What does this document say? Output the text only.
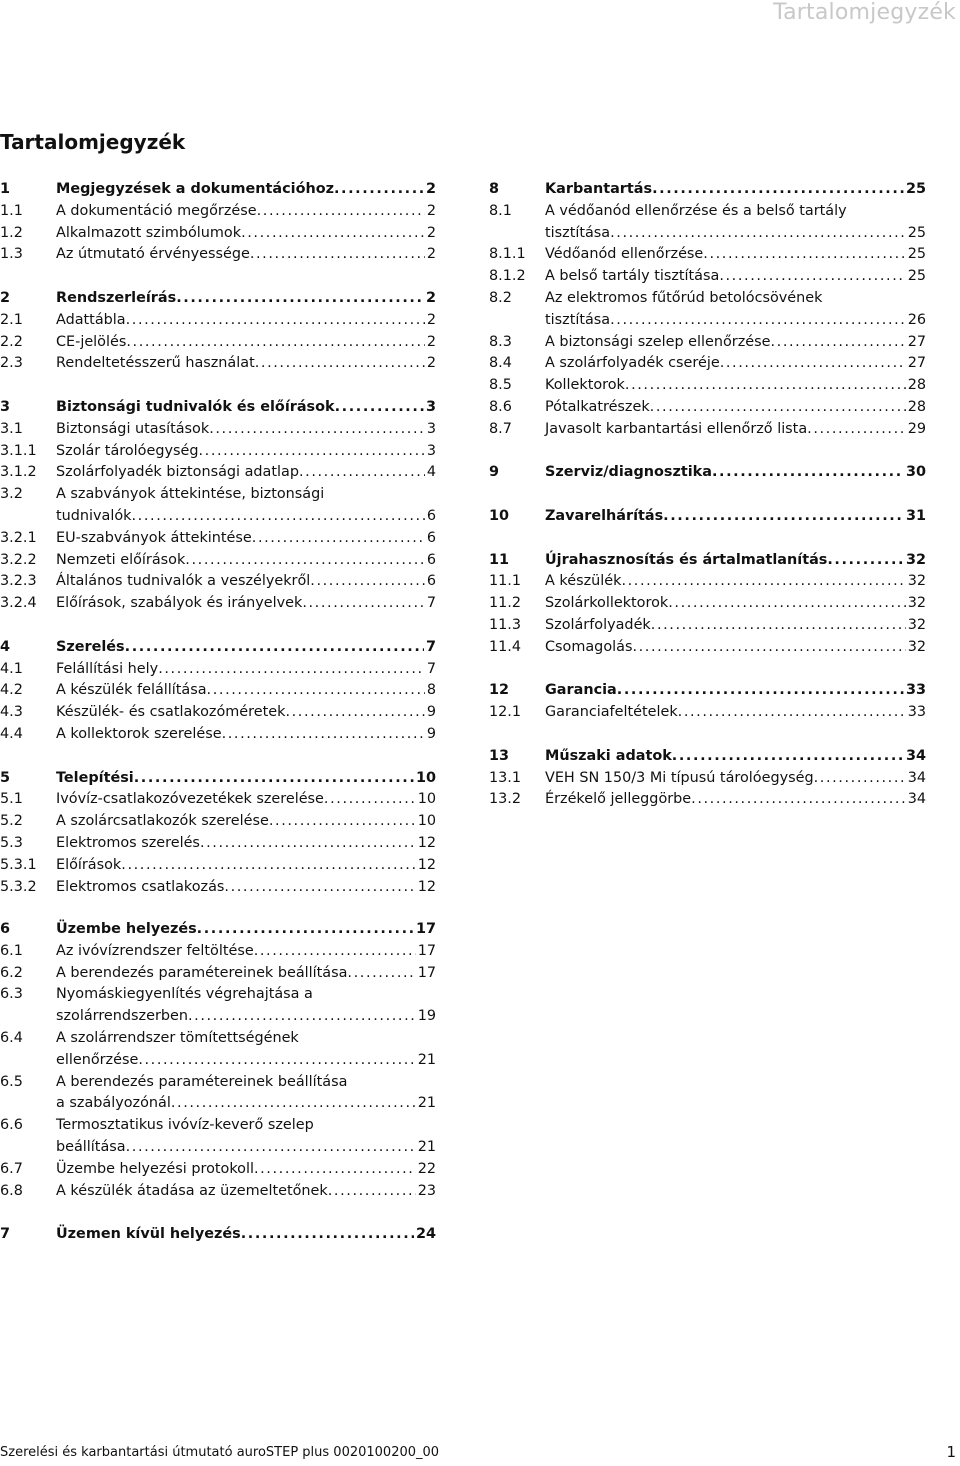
Tartalomjegyzék
Tartalomjegyzék
1	Megjegyzések a dokumentációhoz .....	2
1.1 A dokumentáció megőrzése .....	2
1.2 Alkalmazott szimbólumok .....	2
1.3 Az útmutató érvényessége .....	2
2	Rendszerleírás .....	2
2.1 Adattábla .....	2
2.2 CE-jelölés .....	2
2.3 Rendeltetésszerű használat .....	2
3	Biztonsági tudnivalók és előírások .....	3
3.1 Biztonsági utasítások .....	3
3.1.1 Szolár tárolóegység .....	3
3.1.2 Szolárfolyadék biztonsági adatlap .....	4
3.2 A szabványok áttekintése, biztonsági
tudnivalók .....	6
3.2.1 EU-szabványok áttekintése .....	6
3.2.2 Nemzeti előírások .....	6
3.2.3 Általános tudnivalók a veszélyekről .....	6
3.2.4 Előírások, szabályok és irányelvek .....	7
4	Szerelés .....	7
4.1 Felállítási hely .....	7
4.2 A készülék felállítása .....	8
4.3 Készülék- és csatlakozóméretek .....	9
4.4 A kollektorok szerelése .....	9
5	Telepítési .....	10
5.1 Ivóvíz-csatlakozóvezetékek szerelése .....	10
5.2 A szolárcsatlakozók szerelése .....	10
5.3 Elektromos szerelés .....	12
5.3.1 Előírások .....	12
5.3.2 Elektromos csatlakozás .....	12
6	Üzembe helyezés .....	17
6.1 Az ivóvízrendszer feltöltése .....	17
6.2 A berendezés paramétereinek beállítása .....	17
6.3 Nyomáskiegyenlítés végrehajtása a
szolárrendszerben .....	19
6.4 A szolárrendszer tömítettségének
ellenőrzése .....	21
6.5 A berendezés paramétereinek beállítása
a szabályozónál .....	21
6.6 Termosztatikus ivóvíz-keverő szelep
beállítása .....	21
6.7 Üzembe helyezési protokoll .....	22
6.8 A készülék átadása az üzemeltetőnek .....	23
7	Üzemen kívül helyezés .....	24
8	Karbantartás .....	25
8.1 A védőanód ellenőrzése és a belső tartály
tisztítása .....	25
8.1.1 Védőanód ellenőrzése .....	25
8.1.2 A belső tartály tisztítása .....	25
8.2 Az elektromos fűtőrúd betolócsövének
tisztítása .....	26
8.3 A biztonsági szelep ellenőrzése .....	27
8.4 A szolárfolyadék cseréje .....	27
8.5 Kollektorok .....	28
8.6 Pótalkatrészek .....	28
8.7 Javasolt karbantartási ellenőrző lista .....	29
9	Szerviz/diagnosztika .....	30
10 Zavarelhárítás .....	31
11 Újrahasznosítás és ártalmatlanítás .....	32
11.1 A készülék .....	32
11.2 Szolárkollektorok .....	32
11.3 Szolárfolyadék .....	32
11.4 Csomagolás .....	32
12 Garancia .....	33
12.1 Garanciafeltételek .....	33
13 Műszaki adatok .....	34
13.1 VEH SN 150/3 Mi típusú tárolóegység .....	34
13.2 Érzékelő jelleggörbe .....	34
Szerelési és karbantartási útmutató auroSTEP plus 0020100200_00	1
